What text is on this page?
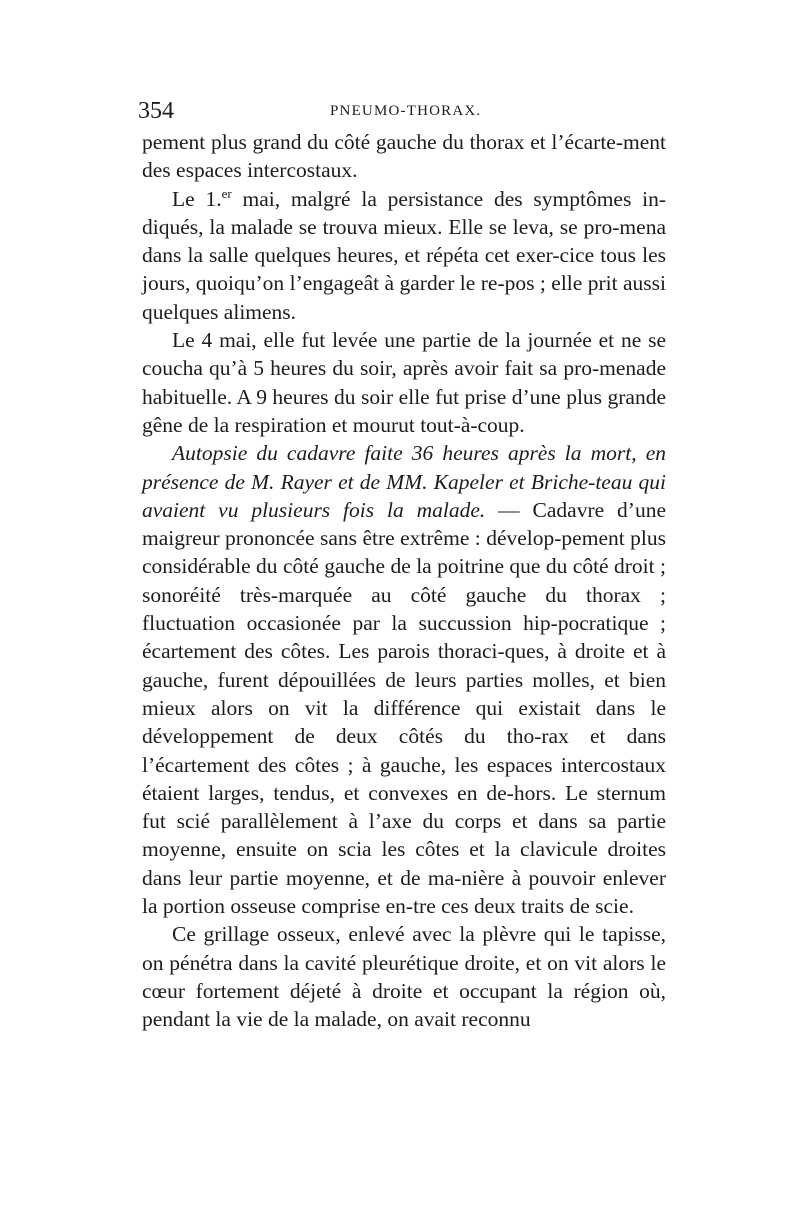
354	PNEUMO-THORAX.

pement plus grand du côté gauche du thorax et l’écarte-ment des espaces intercostaux.

Le 1.$^{er}$ mai, malgré la persistance des symptômes in-diqués, la malade se trouva mieux. Elle se leva, se pro-mena dans la salle quelques heures, et répéta cet exer-cice tous les jours, quoiqu’on l’engageât à garder le re-pos ; elle prit aussi quelques alimens.

Le 4 mai, elle fut levée une partie de la journée et ne se coucha qu’à 5 heures du soir, après avoir fait sa pro-menade habituelle. A 9 heures du soir elle fut prise d’une plus grande gêne de la respiration et mourut tout-à-coup.

Autopsie du cadavre faite 36 heures après la mort, en présence de M. Rayer et de MM. Kapeler et Briche-teau qui avaient vu plusieurs fois la malade. — Cadavre d’une maigreur prononcée sans être extrême : dévelop-pement plus considérable du côté gauche de la poitrine que du côté droit ; sonoréité très-marquée au côté gauche du thorax ; fluctuation occasionée par la succussion hip-pocratique ; écartement des côtes. Les parois thoraci-ques, à droite et à gauche, furent dépouillées de leurs parties molles, et bien mieux alors on vit la différence qui existait dans le développement de deux côtés du tho-rax et dans l’écartement des côtes ; à gauche, les espaces intercostaux étaient larges, tendus, et convexes en de-hors. Le sternum fut scié parallèlement à l’axe du corps et dans sa partie moyenne, ensuite on scia les côtes et la clavicule droites dans leur partie moyenne, et de ma-nière à pouvoir enlever la portion osseuse comprise en-tre ces deux traits de scie.

Ce grillage osseux, enlevé avec la plèvre qui le tapisse, on pénétra dans la cavité pleurétique droite, et on vit alors le cœur fortement déjeté à droite et occupant la région où, pendant la vie de la malade, on avait reconnu
